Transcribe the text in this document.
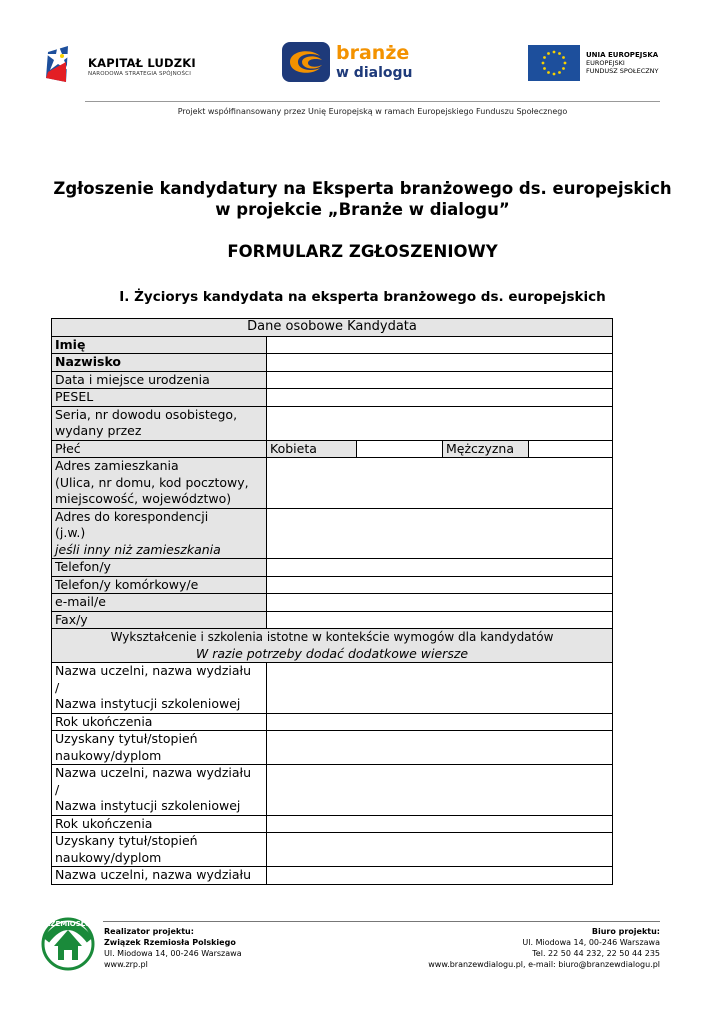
KAPITAŁ LUDZKI
NARODOWA STRATEGIA SPÓJNOŚCI
branże
w dialogu
UNIA EUROPEJSKA
EUROPEJSKI
FUNDUSZ SPOŁECZNY
Projekt współfinansowany przez Unię Europejską w ramach Europejskiego Funduszu Społecznego
Zgłoszenie kandydatury na Eksperta branżowego ds. europejskich
w projekcie „Branże w dialogu”
FORMULARZ ZGŁOSZENIOWY
I. Życiorys kandydata na eksperta branżowego ds. europejskich
Dane osobowe Kandydata				
Imię				
Nazwisko				
Data i miejsce urodzenia				
PESEL				

Seria, nr dowodu osobistego,
wydany przez				

Płeć	Kobieta		Mężczyzna	

Adres zamieszkania
(Ulica, nr domu, kod pocztowy,
miejscowość, województwo)				

Adres do korespondencji
(j.w.)
jeśli inny niż zamieszkania				

Telefon/y				
Telefon/y komórkowy/e				
e-mail/e				
Fax/y				

Wykształcenie i szkolenia istotne w kontekście wymogów dla kandydatów
W razie potrzeby dodać dodatkowe wiersze				

Nazwa uczelni, nazwa wydziału
/
Nazwa instytucji szkoleniowej				

Rok ukończenia				

Uzyskany tytuł/stopień
naukowy/dyplom				

Nazwa uczelni, nazwa wydziału
/
Nazwa instytucji szkoleniowej				

Rok ukończenia				

Uzyskany tytuł/stopień
naukowy/dyplom				

Nazwa uczelni, nazwa wydziału				
RZEMIOSŁO
Realizator projektu:
Związek Rzemiosła Polskiego
Ul. Miodowa 14, 00-246 Warszawa
www.zrp.pl
Biuro projektu:
Ul. Miodowa 14, 00-246 Warszawa
Tel. 22 50 44 232, 22 50 44 235
www.branzewdialogu.pl, e-mail: biuro@branzewdialogu.pl
